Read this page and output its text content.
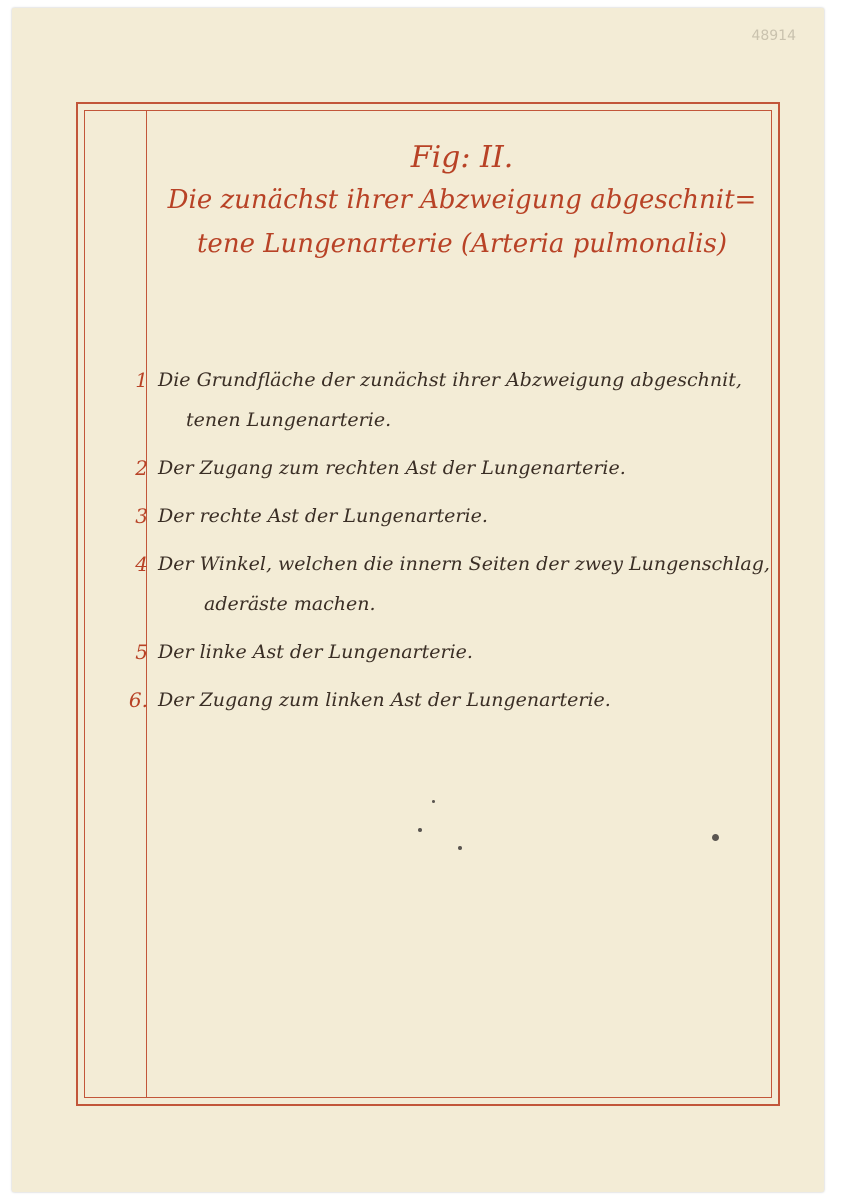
48914
Fig: II.
Die zunächst ihrer Abzweigung abgeschnit=
tene Lungenarterie (Arteria pulmonalis)
1 Die Grundfläche der zunächst ihrer Abzweigung abgeschnit,
tenen Lungenarterie.
2 Der Zugang zum rechten Ast der Lungenarterie.
3 Der rechte Ast der Lungenarterie.
4 Der Winkel, welchen die innern Seiten der zwey Lungenschlag,
aderäste machen.
5 Der linke Ast der Lungenarterie.
6. Der Zugang zum linken Ast der Lungenarterie.
